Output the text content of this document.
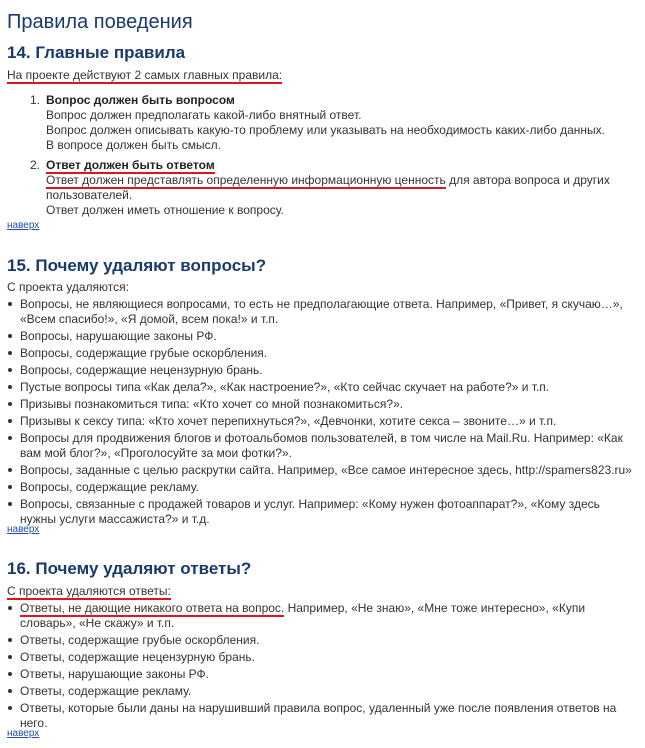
Правила поведения
14. Главные правила
На проекте действуют 2 самых главных правила:
1. Вопрос должен быть вопросом
Вопрос должен предполагать какой-либо внятный ответ.
Вопрос должен описывать какую-то проблему или указывать на необходимость каких-либо данных.
В вопросе должен быть смысл.
2. Ответ должен быть ответом
Ответ должен представлять определенную информационную ценность для автора вопроса и других пользователей.
Ответ должен иметь отношение к вопросу.
наверх
15. Почему удаляют вопросы?
С проекта удаляются:
Вопросы, не являющиеся вопросами, то есть не предполагающие ответа. Например, «Привет, я скучаю…», «Всем спасибо!», «Я домой, всем пока!» и т.п.
Вопросы, нарушающие законы РФ.
Вопросы, содержащие грубые оскорбления.
Вопросы, содержащие нецензурную брань.
Пустые вопросы типа «Как дела?», «Как настроение?», «Кто сейчас скучает на работе?» и т.п.
Призывы познакомиться типа: «Кто хочет со мной познакомиться?».
Призывы к сексу типа: «Кто хочет перепихнуться?», «Девчонки, хотите секса – звоните…» и т.п.
Вопросы для продвижения блогов и фотоальбомов пользователей, в том числе на Mail.Ru. Например: «Как вам мой блог?», «Проголосуйте за мои фотки?».
Вопросы, заданные с целью раскрутки сайта. Например, «Все самое интересное здесь, http://spamers823.ru»
Вопросы, содержащие рекламу.
Вопросы, связанные с продажей товаров и услуг. Например: «Кому нужен фотоаппарат?», «Кому здесь нужны услуги массажиста?» и т.д.
наверх
16. Почему удаляют ответы?
С проекта удаляются ответы:
Ответы, не дающие никакого ответа на вопрос. Например, «Не знаю», «Мне тоже интересно», «Купи словарь», «Не скажу» и т.п.
Ответы, содержащие грубые оскорбления.
Ответы, содержащие нецензурную брань.
Ответы, нарушающие законы РФ.
Ответы, содержащие рекламу.
Ответы, которые были даны на нарушивший правила вопрос, удаленный уже после появления ответов на него.
наверх
